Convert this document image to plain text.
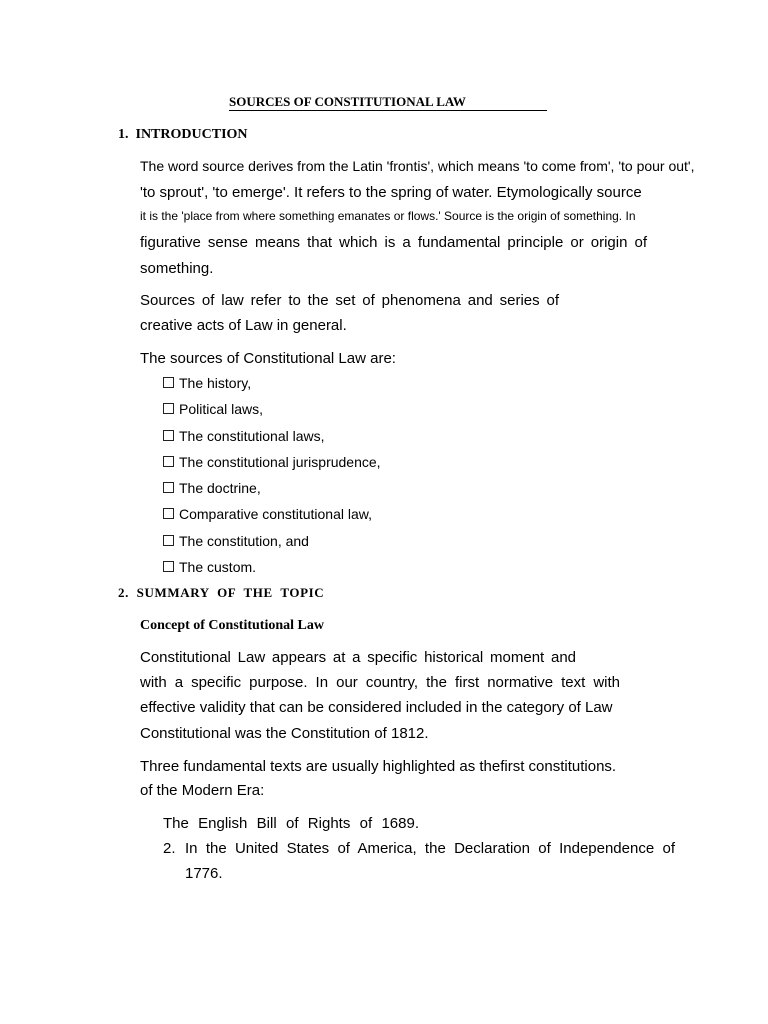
SOURCES OF CONSTITUTIONAL LAW
1. INTRODUCTION
The word source derives from the Latin 'frontis', which means 'to come from', 'to pour out',
'to sprout', 'to emerge'. It refers to the spring of water. Etymologically source
it is the 'place from where something emanates or flows.' Source is the origin of something. In
figurative sense means that which is a fundamental principle or origin of
something.
Sources of law refer to the set of phenomena and series of
creative acts of Law in general.
The sources of Constitutional Law are:
The history,
Political laws,
The constitutional laws,
The constitutional jurisprudence,
The doctrine,
Comparative constitutional law,
The constitution, and
The custom.
2. SUMMARY OF THE TOPIC
Concept of Constitutional Law
Constitutional Law appears at a specific historical moment and
with a specific purpose. In our country, the first normative text with
effective validity that can be considered included in the category of Law
Constitutional was the Constitution of 1812.
Three fundamental texts are usually highlighted as thefirst constitutions.
of the Modern Era:
The English Bill of Rights of 1689.
2. In the United States of America, the Declaration of Independence of
1776.
